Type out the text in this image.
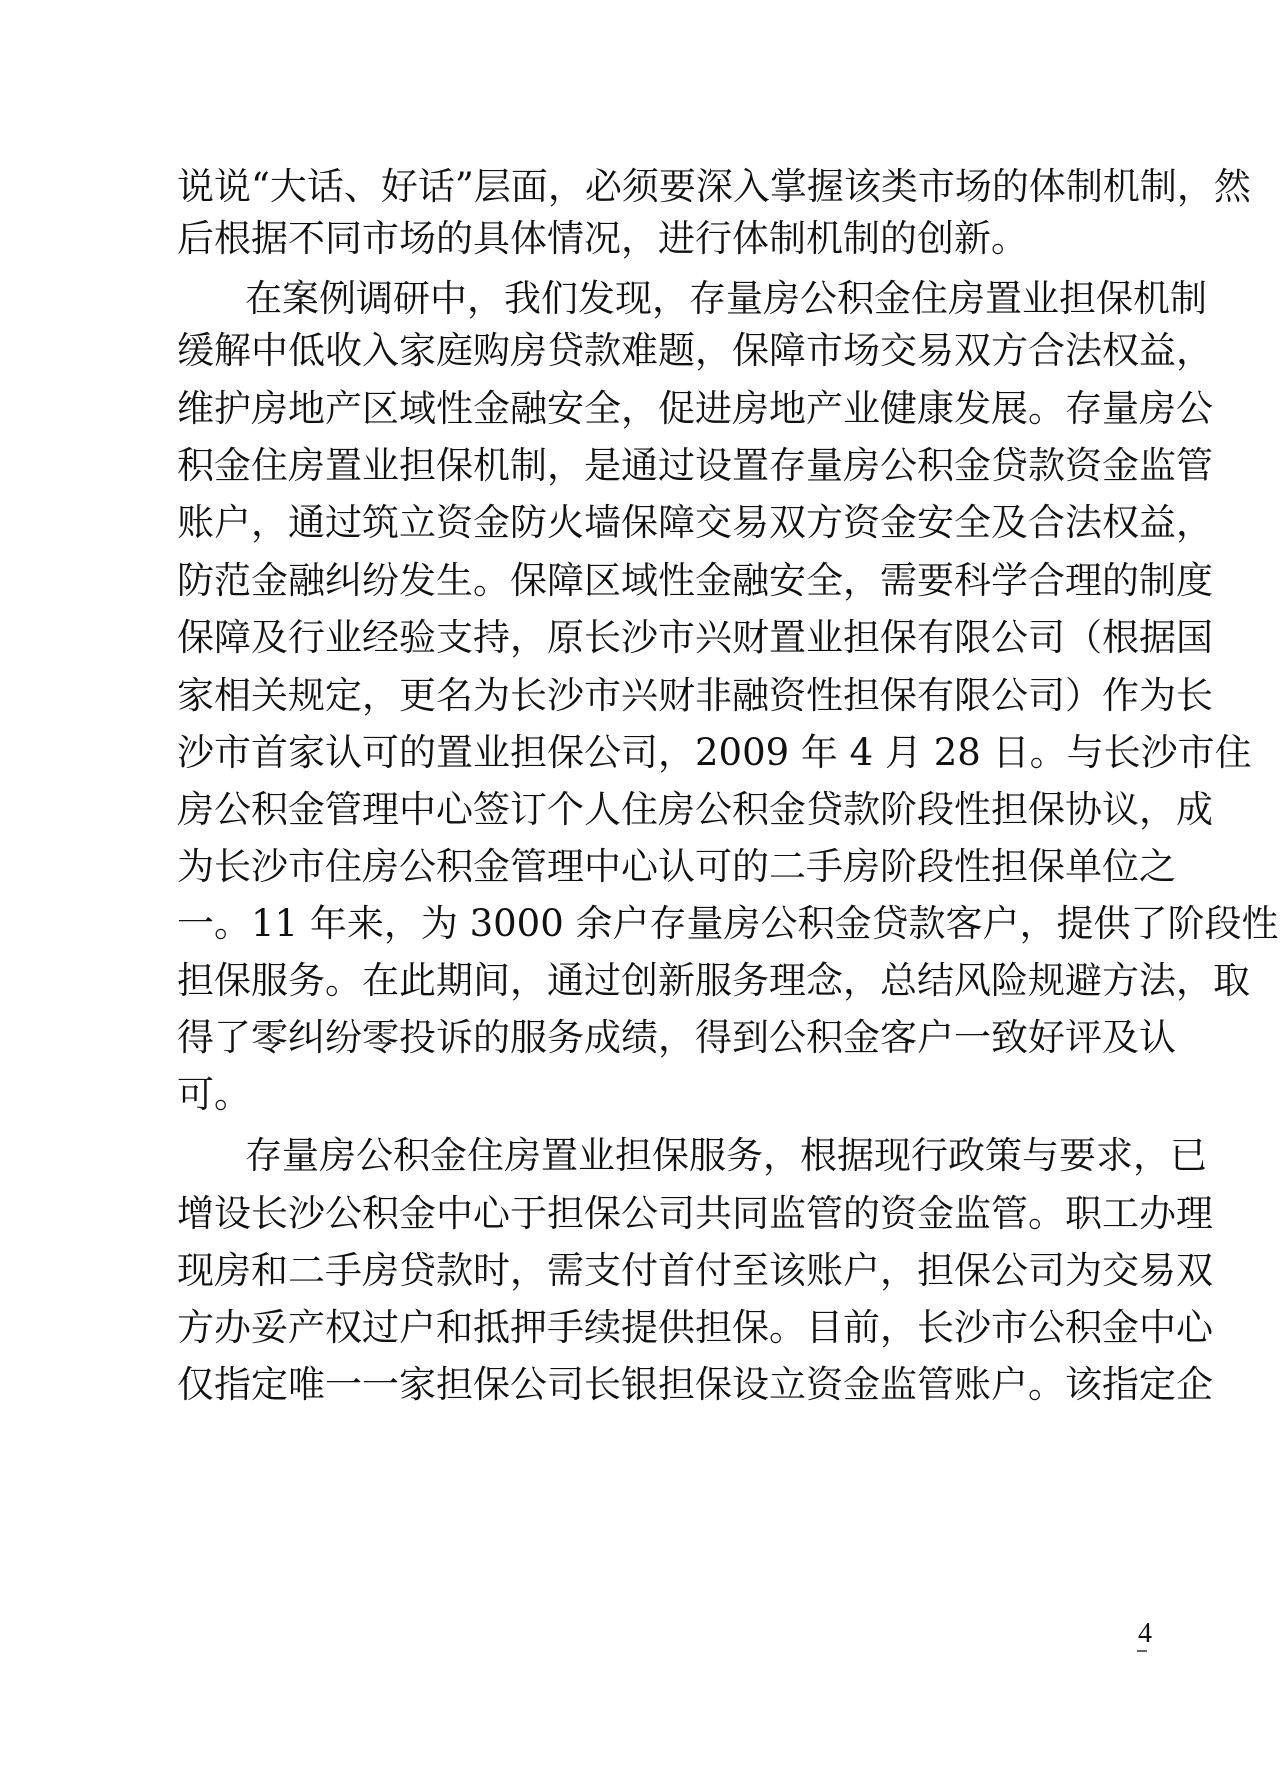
说说“大话、好话”层面，必须要深入掌握该类市场的体制机制，然
后根据不同市场的具体情况，进行体制机制的创新。
在案例调研中，我们发现，存量房公积金住房置业担保机制
缓解中低收入家庭购房贷款难题，保障市场交易双方合法权益，
维护房地产区域性金融安全，促进房地产业健康发展。存量房公
积金住房置业担保机制，是通过设置存量房公积金贷款资金监管
账户，通过筑立资金防火墙保障交易双方资金安全及合法权益，
防范金融纠纷发生。保障区域性金融安全，需要科学合理的制度
保障及行业经验支持，原长沙市兴财置业担保有限公司（根据国
家相关规定，更名为长沙市兴财非融资性担保有限公司）作为长
沙市首家认可的置业担保公司，2009 年 4 月 28 日。与长沙市住
房公积金管理中心签订个人住房公积金贷款阶段性担保协议，成
为长沙市住房公积金管理中心认可的二手房阶段性担保单位之
一。11 年来，为 3000 余户存量房公积金贷款客户，提供了阶段性
担保服务。在此期间，通过创新服务理念，总结风险规避方法，取
得了零纠纷零投诉的服务成绩，得到公积金客户一致好评及认
可。
存量房公积金住房置业担保服务，根据现行政策与要求，已
增设长沙公积金中心于担保公司共同监管的资金监管。职工办理
现房和二手房贷款时，需支付首付至该账户，担保公司为交易双
方办妥产权过户和抵押手续提供担保。目前，长沙市公积金中心
仅指定唯一一家担保公司长银担保设立资金监管账户。该指定企
4
